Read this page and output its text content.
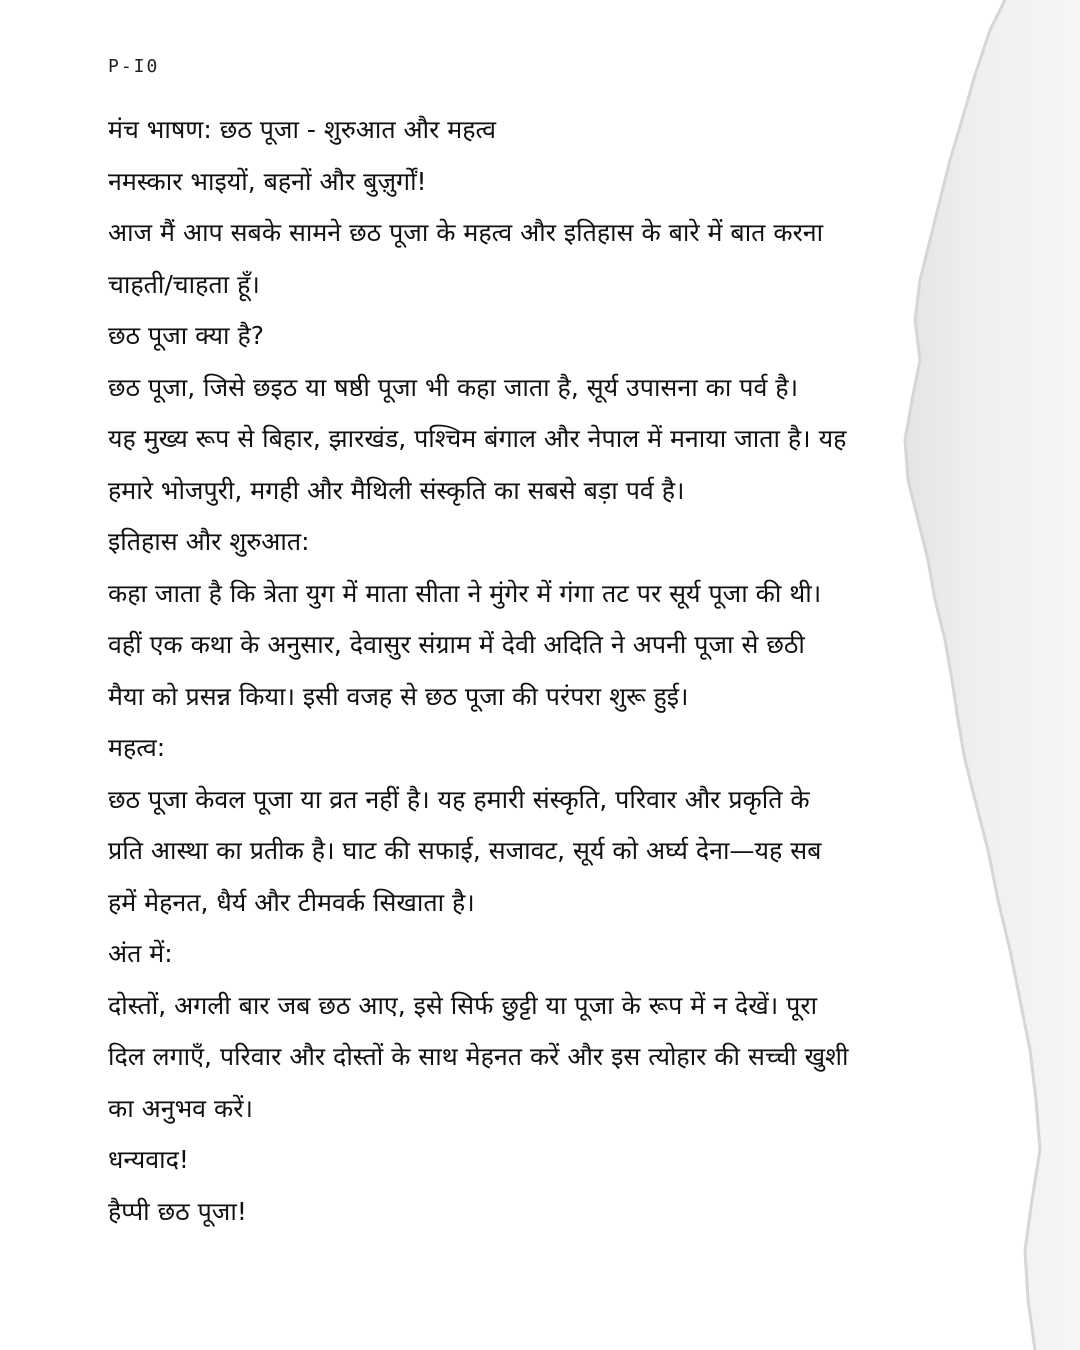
P-I0
मंच भाषण: छठ पूजा - शुरुआत और महत्व
नमस्कार भाइयों, बहनों और बुज़ुर्गों!
आज मैं आप सबके सामने छठ पूजा के महत्व और इतिहास के बारे में बात करना
चाहती/चाहता हूँ।
छठ पूजा क्या है?
छठ पूजा, जिसे छइठ या षष्ठी पूजा भी कहा जाता है, सूर्य उपासना का पर्व है।
यह मुख्य रूप से बिहार, झारखंड, पश्चिम बंगाल और नेपाल में मनाया जाता है। यह
हमारे भोजपुरी, मगही और मैथिली संस्कृति का सबसे बड़ा पर्व है।
इतिहास और शुरुआत:
कहा जाता है कि त्रेता युग में माता सीता ने मुंगेर में गंगा तट पर सूर्य पूजा की थी।
वहीं एक कथा के अनुसार, देवासुर संग्राम में देवी अदिति ने अपनी पूजा से छठी
मैया को प्रसन्न किया। इसी वजह से छठ पूजा की परंपरा शुरू हुई।
महत्व:
छठ पूजा केवल पूजा या व्रत नहीं है। यह हमारी संस्कृति, परिवार और प्रकृति के
प्रति आस्था का प्रतीक है। घाट की सफाई, सजावट, सूर्य को अर्घ्य देना—यह सब
हमें मेहनत, धैर्य और टीमवर्क सिखाता है।
अंत में:
दोस्तों, अगली बार जब छठ आए, इसे सिर्फ छुट्टी या पूजा के रूप में न देखें। पूरा
दिल लगाएँ, परिवार और दोस्तों के साथ मेहनत करें और इस त्योहार की सच्ची खुशी
का अनुभव करें।
धन्यवाद!
हैप्पी छठ पूजा!
